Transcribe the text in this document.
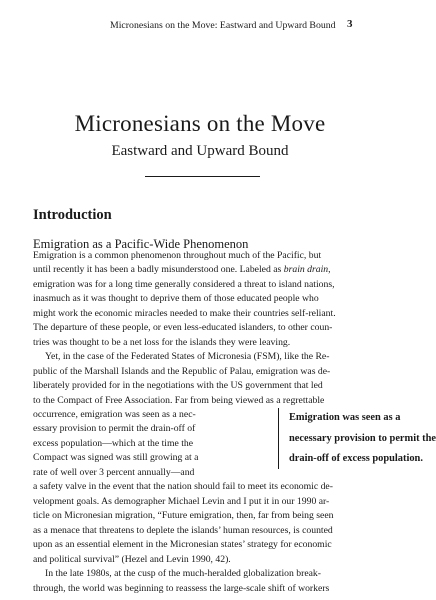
Micronesians on the Move: Eastward and Upward Bound 3
Micronesians on the Move
Eastward and Upward Bound
Introduction
Emigration as a Pacific-Wide Phenomenon
Emigration is a common phenomenon throughout much of the Pacific, but
until recently it has been a badly misunderstood one. Labeled as brain drain,
emigration was for a long time generally considered a threat to island nations,
inasmuch as it was thought to deprive them of those educated people who
might work the economic miracles needed to make their countries self-reliant.
The departure of these people, or even less-educated islanders, to other coun-
tries was thought to be a net loss for the islands they were leaving.
Yet, in the case of the Federated States of Micronesia (FSM), like the Re-
public of the Marshall Islands and the Republic of Palau, emigration was de-
liberately provided for in the negotiations with the US government that led
to the Compact of Free Association. Far from being viewed as a regrettable
occurrence, emigration was seen as a nec-
essary provision to permit the drain-off of
excess population—which at the time the
Compact was signed was still growing at a
rate of well over 3 percent annually—and
Emigration was seen as a
necessary provision to permit the
drain-off of excess population.
a safety valve in the event that the nation should fail to meet its economic de-
velopment goals. As demographer Michael Levin and I put it in our 1990 ar-
ticle on Micronesian migration, “Future emigration, then, far from being seen
as a menace that threatens to deplete the islands’ human resources, is counted
upon as an essential element in the Micronesian states’ strategy for economic
and political survival” (Hezel and Levin 1990, 42).
In the late 1980s, at the cusp of the much-heralded globalization break-
through, the world was beginning to reassess the large-scale shift of workers
